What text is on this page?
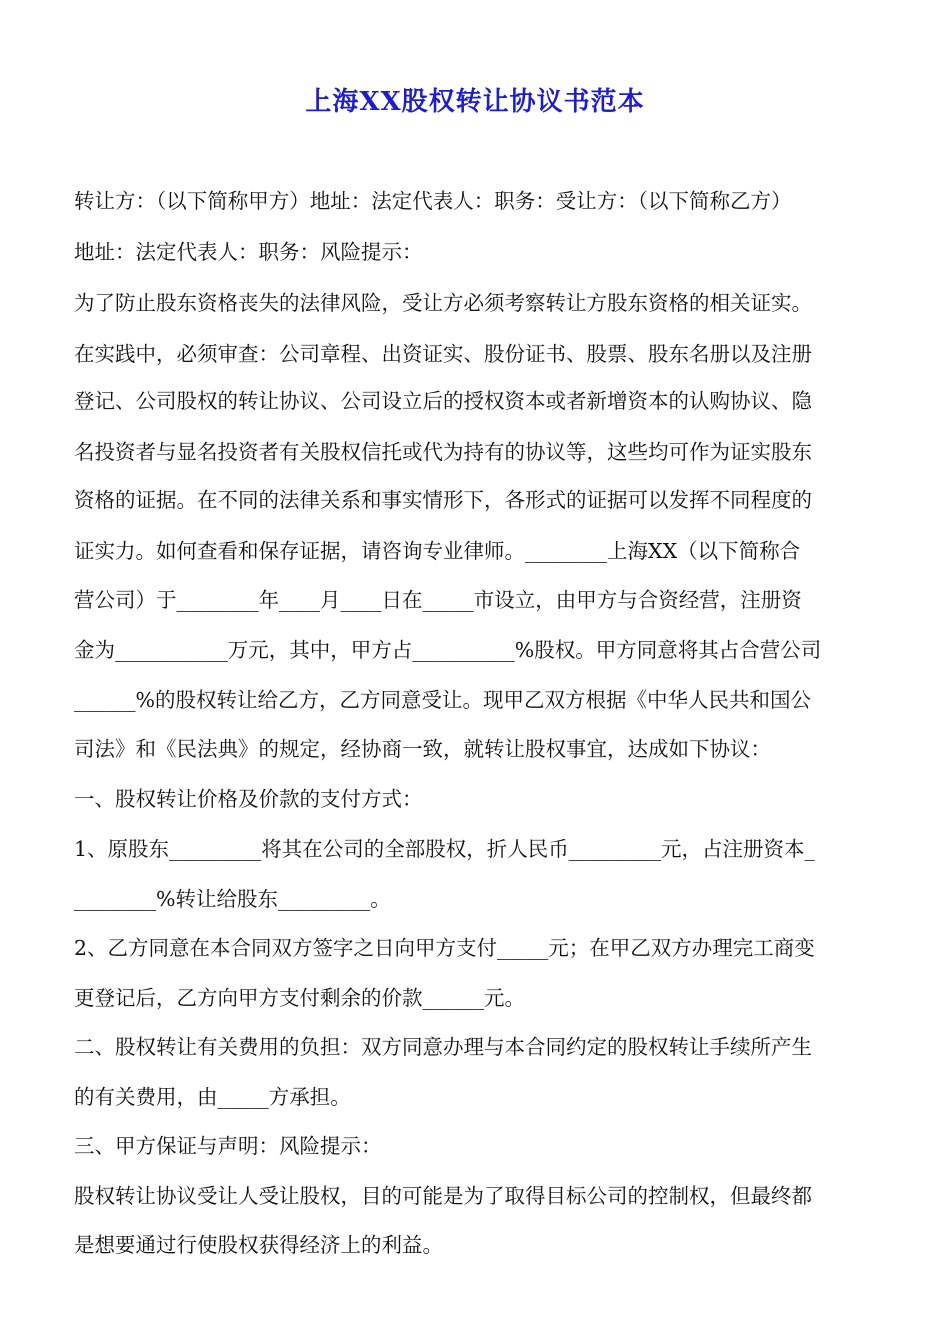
上海XX股权转让协议书范本

转让方：（以下简称甲方）地址：法定代表人：职务：受让方：（以下简称乙方）

地址：法定代表人：职务：风险提示：

为了防止股东资格丧失的法律风险，受让方必须考察转让方股东资格的相关证实。

在实践中，必须审查：公司章程、出资证实、股份证书、股票、股东名册以及注册

登记、公司股权的转让协议、公司设立后的授权资本或者新增资本的认购协议、隐

名投资者与显名投资者有关股权信托或代为持有的协议等，这些均可作为证实股东

资格的证据。在不同的法律关系和事实情形下，各形式的证据可以发挥不同程度的

证实力。如何查看和保存证据，请咨询专业律师。________上海XX（以下简称合

营公司）于________年____月____日在_____市设立，由甲方与合资经营，注册资

金为___________万元，其中，甲方占__________%股权。甲方同意将其占合营公司

______%的股权转让给乙方，乙方同意受让。现甲乙双方根据《中华人民共和国公

司法》和《民法典》的规定，经协商一致，就转让股权事宜，达成如下协议：

一、股权转让价格及价款的支付方式：

1、原股东_________将其在公司的全部股权，折人民币_________元，占注册资本_

________%转让给股东_________。

2、乙方同意在本合同双方签字之日向甲方支付_____元；在甲乙双方办理完工商变

更登记后，乙方向甲方支付剩余的价款______元。

二、股权转让有关费用的负担：双方同意办理与本合同约定的股权转让手续所产生

的有关费用，由_____方承担。

三、甲方保证与声明：风险提示：

股权转让协议受让人受让股权，目的可能是为了取得目标公司的控制权，但最终都

是想要通过行使股权获得经济上的利益。
